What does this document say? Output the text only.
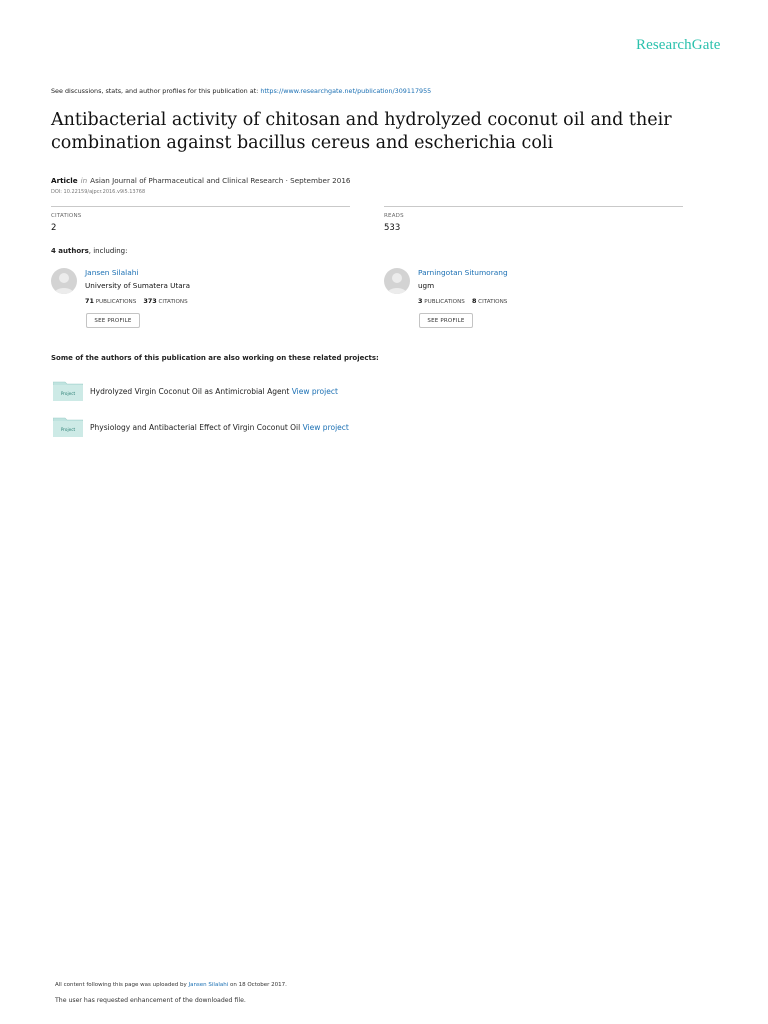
ResearchGate
See discussions, stats, and author profiles for this publication at: https://www.researchgate.net/publication/309117955
Antibacterial activity of chitosan and hydrolyzed coconut oil and their combination against bacillus cereus and escherichia coli
Article in Asian Journal of Pharmaceutical and Clinical Research · September 2016
DOI: 10.22159/ajpcr.2016.v9i5.13768
CITATIONS
2
READS
533
4 authors, including:
Jansen Silalahi
University of Sumatera Utara
71 PUBLICATIONS 373 CITATIONS
SEE PROFILE
Parningotan Situmorang
ugm
3 PUBLICATIONS 8 CITATIONS
SEE PROFILE
Some of the authors of this publication are also working on these related projects:
Project Hydrolyzed Virgin Coconut Oil as Antimicrobial Agent View project
Project Physiology and Antibacterial Effect of Virgin Coconut Oil View project
All content following this page was uploaded by Jansen Silalahi on 18 October 2017.
The user has requested enhancement of the downloaded file.
